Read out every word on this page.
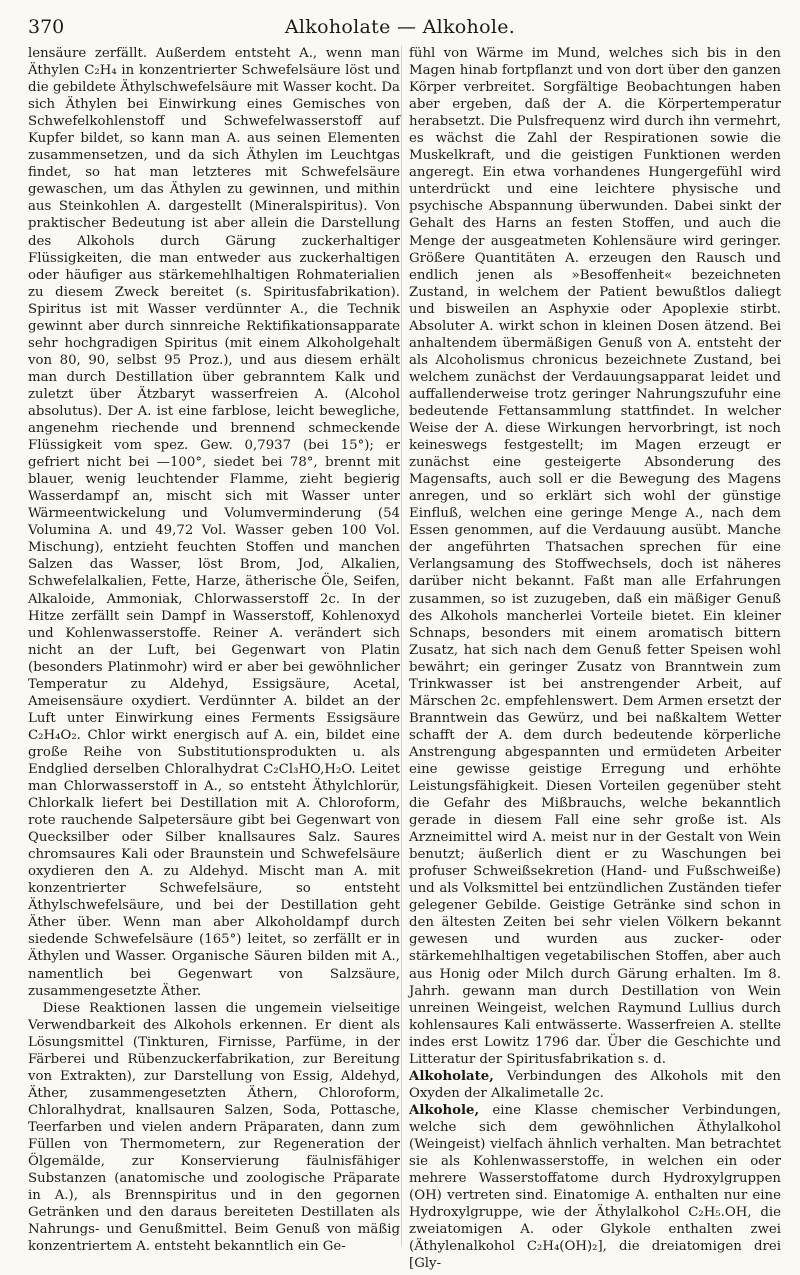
370	Alkoholate — Alkohole.

lensäure zerfällt. Außerdem entsteht A., wenn man Äthylen C₂H₄ in konzentrierter Schwefelsäure löst und die gebildete Äthylschwefelsäure mit Wasser kocht. Da sich Äthylen bei Einwirkung eines Gemisches von Schwefelkohlenstoff und Schwefelwasserstoff auf Kupfer bildet, so kann man A. aus seinen Elementen zusammensetzen, und da sich Äthylen im Leuchtgas findet, so hat man letzteres mit Schwefelsäure gewaschen, um das Äthylen zu gewinnen, und mithin aus Steinkohlen A. dargestellt (Mineralspiritus). Von praktischer Bedeutung ist aber allein die Darstellung des Alkohols durch Gärung zuckerhaltiger Flüssigkeiten, die man entweder aus zuckerhaltigen oder häufiger aus stärkemehlhaltigen Rohmaterialien zu diesem Zweck bereitet (s. Spiritusfabrikation). Spiritus ist mit Wasser verdünnter A., die Technik gewinnt aber durch sinnreiche Rektifikationsapparate sehr hochgradigen Spiritus (mit einem Alkoholgehalt von 80, 90, selbst 95 Proz.), und aus diesem erhält man durch Destillation über gebranntem Kalk und zuletzt über Ätzbaryt wasserfreien A. (Alcohol absolutus). Der A. ist eine farblose, leicht bewegliche, angenehm riechende und brennend schmeckende Flüssigkeit vom spez. Gew. 0,7937 (bei 15°); er gefriert nicht bei —100°, siedet bei 78°, brennt mit blauer, wenig leuchtender Flamme, zieht begierig Wasserdampf an, mischt sich mit Wasser unter Wärmeentwickelung und Volumverminderung (54 Volumina A. und 49,72 Vol. Wasser geben 100 Vol. Mischung), entzieht feuchten Stoffen und manchen Salzen das Wasser, löst Brom, Jod, Alkalien, Schwefelalkalien, Fette, Harze, ätherische Öle, Seifen, Alkaloide, Ammoniak, Chlorwasserstoff 2c. In der Hitze zerfällt sein Dampf in Wasserstoff, Kohlenoxyd und Kohlenwasserstoffe. Reiner A. verändert sich nicht an der Luft, bei Gegenwart von Platin (besonders Platinmohr) wird er aber bei gewöhnlicher Temperatur zu Aldehyd, Essigsäure, Acetal, Ameisensäure oxydiert. Verdünnter A. bildet an der Luft unter Einwirkung eines Ferments Essigsäure C₂H₄O₂. Chlor wirkt energisch auf A. ein, bildet eine große Reihe von Substitutionsprodukten u. als Endglied derselben Chloralhydrat C₂Cl₃HO,H₂O. Leitet man Chlorwasserstoff in A., so entsteht Äthylchlorür, Chlorkalk liefert bei Destillation mit A. Chloroform, rote rauchende Salpetersäure gibt bei Gegenwart von Quecksilber oder Silber knallsaures Salz. Saures chromsaures Kali oder Braunstein und Schwefelsäure oxydieren den A. zu Aldehyd. Mischt man A. mit konzentrierter Schwefelsäure, so entsteht Äthylschwefelsäure, und bei der Destillation geht Äther über. Wenn man aber Alkoholdampf durch siedende Schwefelsäure (165°) leitet, so zerfällt er in Äthylen und Wasser. Organische Säuren bilden mit A., namentlich bei Gegenwart von Salzsäure, zusammengesetzte Äther.

Diese Reaktionen lassen die ungemein vielseitige Verwendbarkeit des Alkohols erkennen. Er dient als Lösungsmittel (Tinkturen, Firnisse, Parfüme, in der Färberei und Rübenzuckerfabrikation, zur Bereitung von Extrakten), zur Darstellung von Essig, Aldehyd, Äther, zusammengesetzten Äthern, Chloroform, Chloralhydrat, knallsauren Salzen, Soda, Pottasche, Teerfarben und vielen andern Präparaten, dann zum Füllen von Thermometern, zur Regeneration der Ölgemälde, zur Konservierung fäulnisfähiger Substanzen (anatomische und zoologische Präparate in A.), als Brennspiritus und in den gegornen Getränken und den daraus bereiteten Destillaten als Nahrungs- und Genußmittel. Beim Genuß von mäßig konzentriertem A. entsteht bekanntlich ein Ge-

fühl von Wärme im Mund, welches sich bis in den Magen hinab fortpflanzt und von dort über den ganzen Körper verbreitet. Sorgfältige Beobachtungen haben aber ergeben, daß der A. die Körpertemperatur herabsetzt. Die Pulsfrequenz wird durch ihn vermehrt, es wächst die Zahl der Respirationen sowie die Muskelkraft, und die geistigen Funktionen werden angeregt. Ein etwa vorhandenes Hungergefühl wird unterdrückt und eine leichtere physische und psychische Abspannung überwunden. Dabei sinkt der Gehalt des Harns an festen Stoffen, und auch die Menge der ausgeatmeten Kohlensäure wird geringer. Größere Quantitäten A. erzeugen den Rausch und endlich jenen als »Besoffenheit« bezeichneten Zustand, in welchem der Patient bewußtlos daliegt und bisweilen an Asphyxie oder Apoplexie stirbt. Absoluter A. wirkt schon in kleinen Dosen ätzend. Bei anhaltendem übermäßigen Genuß von A. entsteht der als Alcoholismus chronicus bezeichnete Zustand, bei welchem zunächst der Verdauungsapparat leidet und auffallenderweise trotz geringer Nahrungszufuhr eine bedeutende Fettansammlung stattfindet. In welcher Weise der A. diese Wirkungen hervorbringt, ist noch keineswegs festgestellt; im Magen erzeugt er zunächst eine gesteigerte Absonderung des Magensafts, auch soll er die Bewegung des Magens anregen, und so erklärt sich wohl der günstige Einfluß, welchen eine geringe Menge A., nach dem Essen genommen, auf die Verdauung ausübt. Manche der angeführten Thatsachen sprechen für eine Verlangsamung des Stoffwechsels, doch ist näheres darüber nicht bekannt. Faßt man alle Erfahrungen zusammen, so ist zuzugeben, daß ein mäßiger Genuß des Alkohols mancherlei Vorteile bietet. Ein kleiner Schnaps, besonders mit einem aromatisch bittern Zusatz, hat sich nach dem Genuß fetter Speisen wohl bewährt; ein geringer Zusatz von Branntwein zum Trinkwasser ist bei anstrengender Arbeit, auf Märschen 2c. empfehlenswert. Dem Armen ersetzt der Branntwein das Gewürz, und bei naßkaltem Wetter schafft der A. dem durch bedeutende körperliche Anstrengung abgespannten und ermüdeten Arbeiter eine gewisse geistige Erregung und erhöhte Leistungsfähigkeit. Diesen Vorteilen gegenüber steht die Gefahr des Mißbrauchs, welche bekanntlich gerade in diesem Fall eine sehr große ist. Als Arzneimittel wird A. meist nur in der Gestalt von Wein benutzt; äußerlich dient er zu Waschungen bei profuser Schweißsekretion (Hand- und Fußschweiße) und als Volksmittel bei entzündlichen Zuständen tiefer gelegener Gebilde. Geistige Getränke sind schon in den ältesten Zeiten bei sehr vielen Völkern bekannt gewesen und wurden aus zucker- oder stärkemehlhaltigen vegetabilischen Stoffen, aber auch aus Honig oder Milch durch Gärung erhalten. Im 8. Jahrh. gewann man durch Destillation von Wein unreinen Weingeist, welchen Raymund Lullius durch kohlensaures Kali entwässerte. Wasserfreien A. stellte indes erst Lowitz 1796 dar. Über die Geschichte und Litteratur der Spiritusfabrikation s. d.

Alkoholate, Verbindungen des Alkohols mit den Oxyden der Alkalimetalle 2c.

Alkohole, eine Klasse chemischer Verbindungen, welche sich dem gewöhnlichen Äthylalkohol (Weingeist) vielfach ähnlich verhalten. Man betrachtet sie als Kohlenwasserstoffe, in welchen ein oder mehrere Wasserstoffatome durch Hydroxylgruppen (OH) vertreten sind. Einatomige A. enthalten nur eine Hydroxylgruppe, wie der Äthylalkohol C₂H₅.OH, die zweiatomigen A. oder Glykole enthalten zwei (Äthylenalkohol C₂H₄(OH)₂], die dreiatomigen drei [Gly-
